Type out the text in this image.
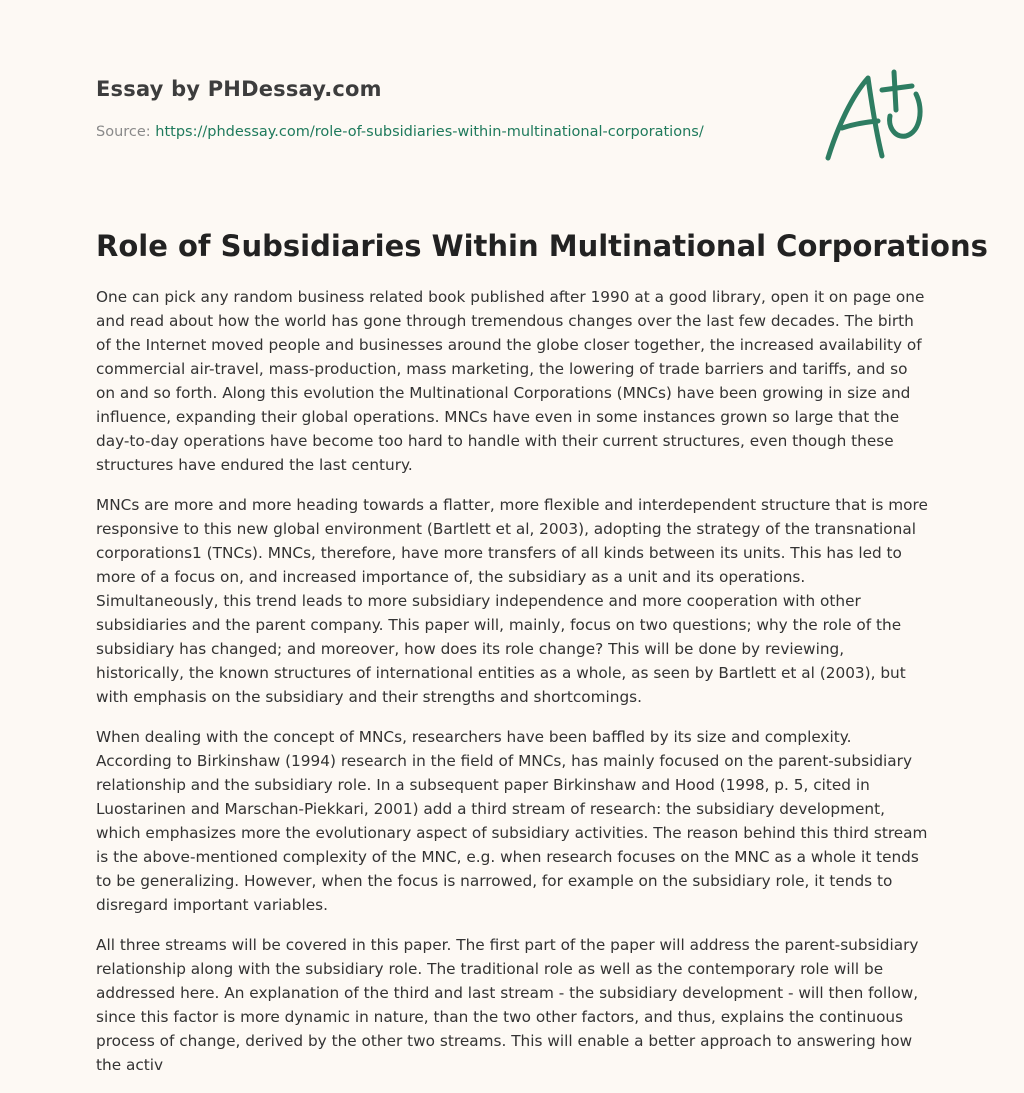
Essay by PHDessay.com
Source: https://phdessay.com/role-of-subsidiaries-within-multinational-corporations/
Role of Subsidiaries Within Multinational Corporations

One can pick any random business related book published after 1990 at a good library, open it on page one and read about how the world has gone through tremendous changes over the last few decades. The birth of the Internet moved people and businesses around the globe closer together, the increased availability of commercial air-travel, mass-production, mass marketing, the lowering of trade barriers and tariffs, and so on and so forth. Along this evolution the Multinational Corporations (MNCs) have been growing in size and influence, expanding their global operations. MNCs have even in some instances grown so large that the day-to-day operations have become too hard to handle with their current structures, even though these structures have endured the last century.

MNCs are more and more heading towards a flatter, more flexible and interdependent structure that is more responsive to this new global environment (Bartlett et al, 2003), adopting the strategy of the transnational corporations1 (TNCs). MNCs, therefore, have more transfers of all kinds between its units. This has led to more of a focus on, and increased importance of, the subsidiary as a unit and its operations. Simultaneously, this trend leads to more subsidiary independence and more cooperation with other subsidiaries and the parent company. This paper will, mainly, focus on two questions; why the role of the subsidiary has changed; and moreover, how does its role change? This will be done by reviewing, historically, the known structures of international entities as a whole, as seen by Bartlett et al (2003), but with emphasis on the subsidiary and their strengths and shortcomings.

When dealing with the concept of MNCs, researchers have been baffled by its size and complexity. According to Birkinshaw (1994) research in the field of MNCs, has mainly focused on the parent-subsidiary relationship and the subsidiary role. In a subsequent paper Birkinshaw and Hood (1998, p. 5, cited in Luostarinen and Marschan-Piekkari, 2001) add a third stream of research: the subsidiary development, which emphasizes more the evolutionary aspect of subsidiary activities. The reason behind this third stream is the above-mentioned complexity of the MNC, e.g. when research focuses on the MNC as a whole it tends to be generalizing. However, when the focus is narrowed, for example on the subsidiary role, it tends to disregard important variables.

All three streams will be covered in this paper. The first part of the paper will address the parent-subsidiary relationship along with the subsidiary role. The traditional role as well as the contemporary role will be addressed here. An explanation of the third and last stream - the subsidiary development - will then follow, since this factor is more dynamic in nature, than the two other factors, and thus, explains the continuous process of change, derived by the other two streams. This will enable a better approach to answering how the activ
